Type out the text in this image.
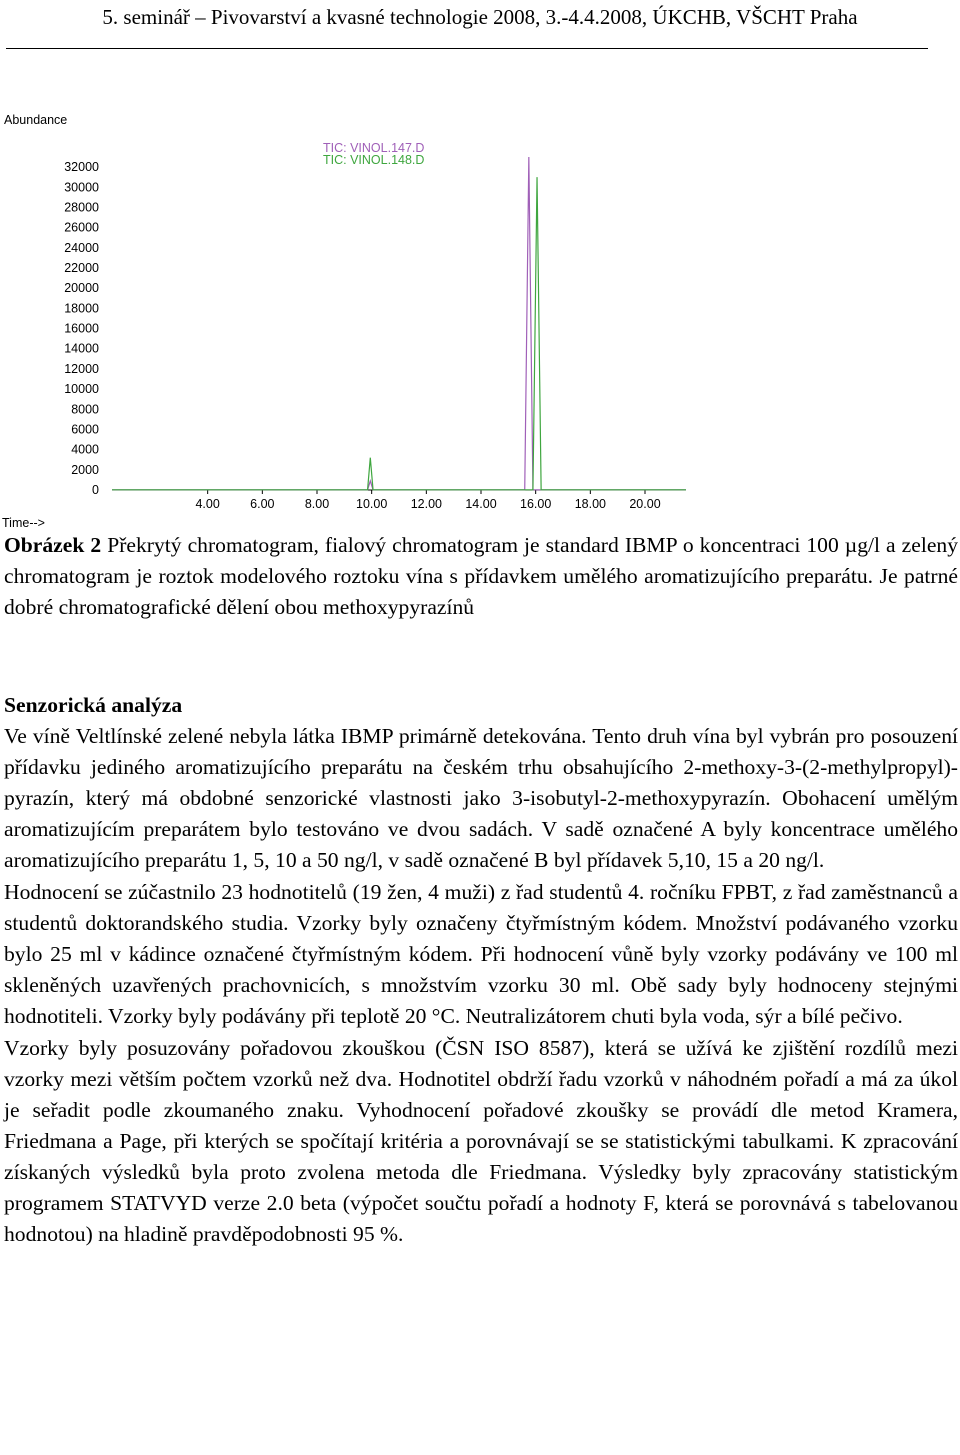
5. seminář – Pivovarství a kvasné technologie 2008, 3.-4.4.2008, ÚKCHB, VŠCHT Praha
Abundance
Time-->
0
2000
4000
6000
8000
10000
12000
14000
16000
18000
20000
22000
24000
26000
28000
30000
32000
4.00 6.00 8.00 10.00 12.00 14.00 16.00 18.00 20.00
TIC: VINOL.147.D
TIC: VINOL.148.D
Obrázek 2 Překrytý chromatogram, fialový chromatogram je standard IBMP o koncentraci 100 µg/l a zelený chromatogram je roztok modelového roztoku vína s přídavkem umělého aromatizujícího preparátu. Je patrné dobré chromatografické dělení obou methoxypyrazínů
Senzorická analýza

Ve víně Veltlínské zelené nebyla látka IBMP primárně detekována. Tento druh vína byl vybrán pro posouzení přídavku jediného aromatizujícího preparátu na českém trhu obsahujícího 2-methoxy-3-(2-methylpropyl)-pyrazín, který má obdobné senzorické vlastnosti jako 3-isobutyl-2-methoxypyrazín. Obohacení umělým aromatizujícím preparátem bylo testováno ve dvou sadách. V sadě označené A byly koncentrace umělého aromatizujícího preparátu 1, 5, 10 a 50 ng/l, v sadě označené B byl přídavek 5,10, 15 a 20 ng/l.

Hodnocení se zúčastnilo 23 hodnotitelů (19 žen, 4 muži) z řad studentů 4. ročníku FPBT, z řad zaměstnanců a studentů doktorandského studia. Vzorky byly označeny čtyřmístným kódem. Množství podávaného vzorku bylo 25 ml v kádince označené čtyřmístným kódem. Při hodnocení vůně byly vzorky podávány ve 100 ml skleněných uzavřených prachovnicích, s množstvím vzorku 30 ml. Obě sady byly hodnoceny stejnými hodnotiteli. Vzorky byly podávány při teplotě 20 °C. Neutralizátorem chuti byla voda, sýr a bílé pečivo.

Vzorky byly posuzovány pořadovou zkouškou (ČSN ISO 8587), která se užívá ke zjištění rozdílů mezi vzorky mezi větším počtem vzorků než dva. Hodnotitel obdrží řadu vzorků v náhodném pořadí a má za úkol je seřadit podle zkoumaného znaku. Vyhodnocení pořadové zkoušky se provádí dle metod Kramera, Friedmana a Page, při kterých se spočítají kritéria a porovnávají se se statistickými tabulkami. K zpracování získaných výsledků byla proto zvolena metoda dle Friedmana. Výsledky byly zpracovány statistickým programem STATVYD verze 2.0 beta (výpočet součtu pořadí a hodnoty F, která se porovnává s tabelovanou hodnotou) na hladině pravděpodobnosti 95 %.
